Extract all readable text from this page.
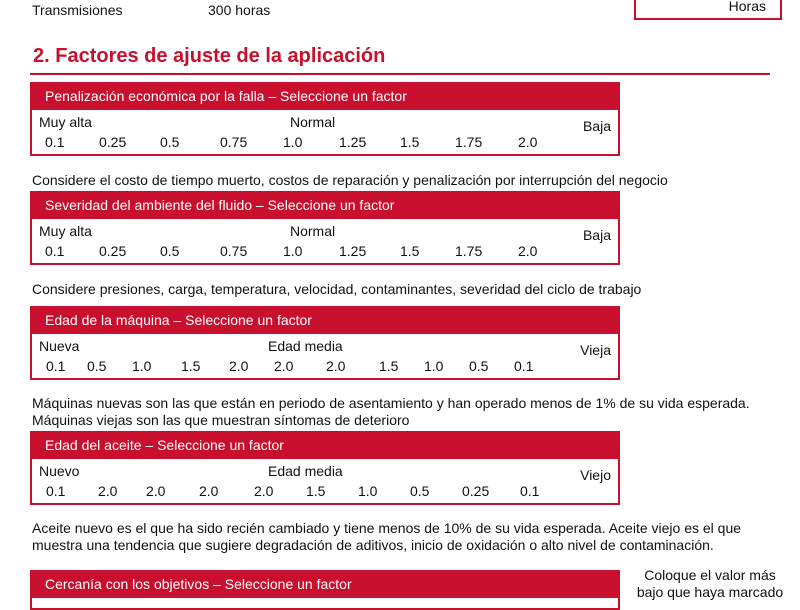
Transmisiones	300 horas	Horas
2. Factores de ajuste de la aplicación
Penalización económica por la falla – Seleccione un factor
Muy alta	Normal	Baja
0.1 0.25 0.5	0.75	1.0	1.25 1.5	1.75	2.0
Considere el costo de tiempo muerto, costos de reparación y penalización por interrupción del negocio
Severidad del ambiente del fluido – Seleccione un factor
Muy alta	Normal	Baja
0.1 0.25 0.5	0.75	1.0	1.25 1.5	1.75	2.0
Considere presiones, carga, temperatura, velocidad, contaminantes, severidad del ciclo de trabajo
Edad de la máquina – Seleccione un factor
Nueva	Edad media	Vieja
0.1 0.5 1.0 1.5 2.0 2.0 2.0 1.5 1.0 0.5 0.1
Máquinas nuevas son las que están en periodo de asentamiento y han operado menos de 1% de su vida esperada.
Máquinas viejas son las que muestran síntomas de deterioro
Edad del aceite – Seleccione un factor
Nuevo	Edad media	Viejo
0.1 2.0 2.0 2.0	2.0 1.5 1.0 0.5 0.25 0.1
Aceite nuevo es el que ha sido recién cambiado y tiene menos de 10% de su vida esperada. Aceite viejo es el que
muestra una tendencia que sugiere degradación de aditivos, inicio de oxidación o alto nivel de contaminación.
Cercanía con los objetivos – Seleccione un factor
Coloque el valor más
bajo que haya marcado
